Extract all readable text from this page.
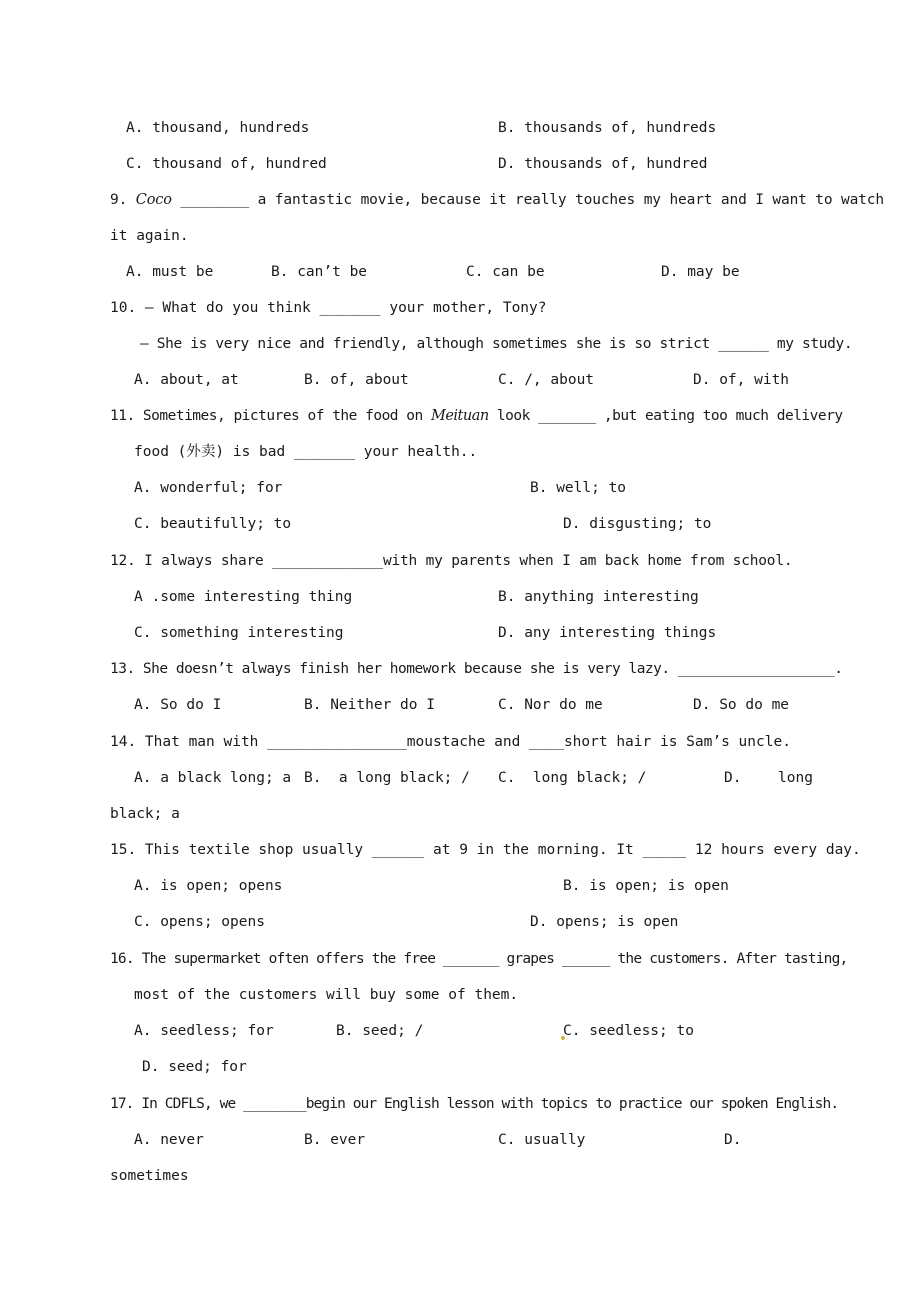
A. thousand, hundreds	B. thousands of, hundreds
C. thousand of, hundred	D. thousands of, hundred
9. Coco ________ a fantastic movie, because it really touches my heart and I want to watch
it again.
A. must be	B. can’t be	C. can be	D. may be
10. – What do you think _______ your mother, Tony?
– She is very nice and friendly, although sometimes she is so strict ______ my study.
A. about, at	B. of, about	C. /, about	D. of, with
11. Sometimes, pictures of the food on Meituan look _______ ,but eating too much delivery
food (外卖) is bad _______ your health..
A. wonderful; for	B. well; to
C. beautifully; to	D. disgusting; to
12. I always share _____________with my parents when I am back home from school.
A .some interesting thing	B. anything interesting
C. something interesting	D. any interesting things
13. She doesn’t always finish her homework because she is very lazy. ___________________.
A. So do I	B. Neither do I	C. Nor do me	D. So do me
14. That man with ________________moustache and ____short hair is Sam’s uncle.
A. a black long; a B.  a long black; / C.  long black; /	D.	long
black; a
15. This textile shop usually ______ at 9 in the morning. It _____ 12 hours every day.
A. is open; opens	B. is open; is open
C. opens; opens	D. opens; is open
16. The supermarket often offers the free _______ grapes ______ the customers. After tasting,
most of the customers will buy some of them.
A. seedless; for	B. seed; /	C. seedless; to
D. seed; for
17. In CDFLS, we ________begin our English lesson with topics to practice our spoken English.
A. never	B. ever	C. usually	D.
sometimes
